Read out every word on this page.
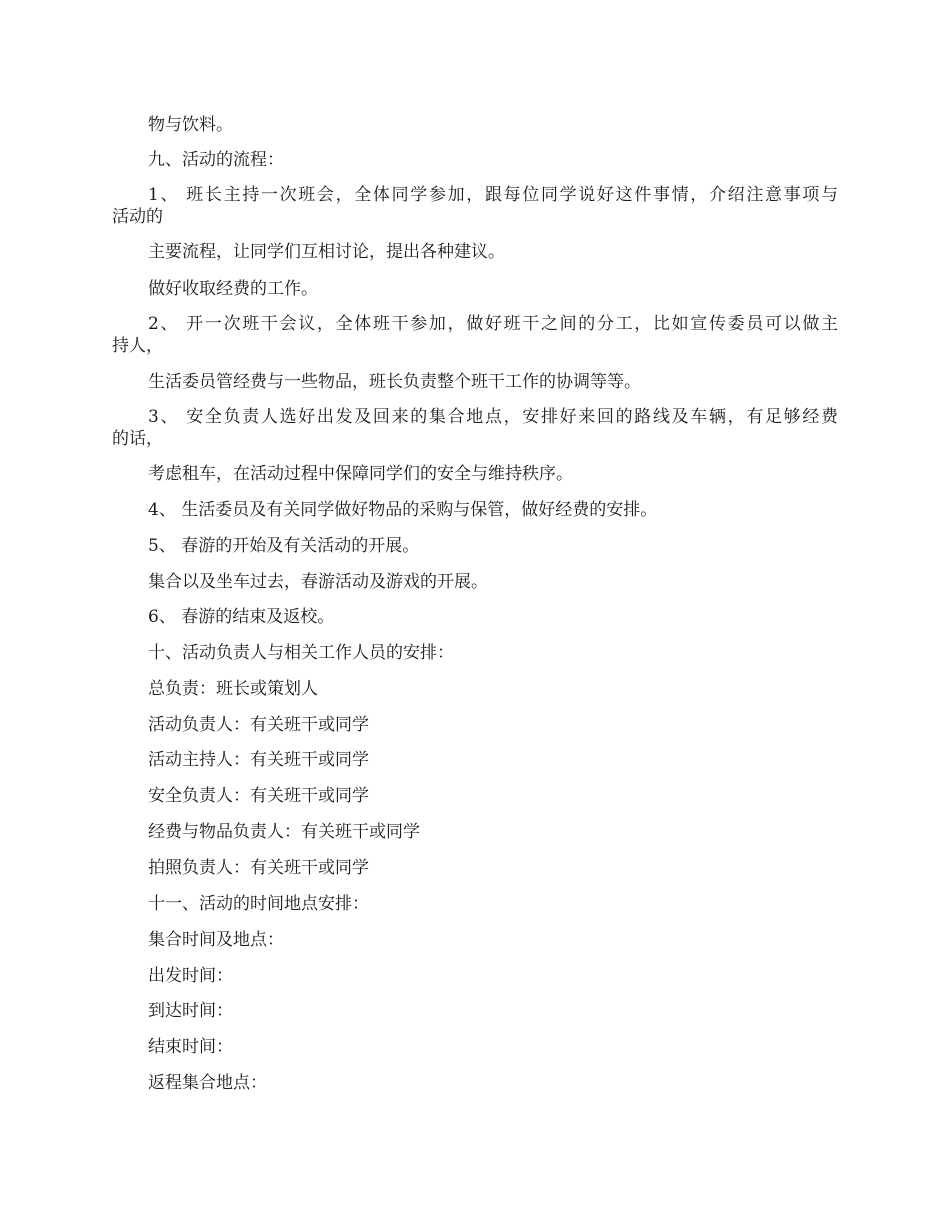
物与饮料。
九、活动的流程：
1、 班长主持一次班会，全体同学参加，跟每位同学说好这件事情，介绍注意事项与
活动的
主要流程，让同学们互相讨论，提出各种建议。
做好收取经费的工作。
2、 开一次班干会议，全体班干参加，做好班干之间的分工，比如宣传委员可以做主
持人，
生活委员管经费与一些物品，班长负责整个班干工作的协调等等。
3、 安全负责人选好出发及回来的集合地点，安排好来回的路线及车辆，有足够经费
的话，
考虑租车，在活动过程中保障同学们的安全与维持秩序。
4、 生活委员及有关同学做好物品的采购与保管，做好经费的安排。
5、 春游的开始及有关活动的开展。
集合以及坐车过去，春游活动及游戏的开展。
6、 春游的结束及返校。
十、活动负责人与相关工作人员的安排：
总负责：班长或策划人
活动负责人：有关班干或同学
活动主持人：有关班干或同学
安全负责人：有关班干或同学
经费与物品负责人：有关班干或同学
拍照负责人：有关班干或同学
十一、活动的时间地点安排：
集合时间及地点：
出发时间：
到达时间：
结束时间：
返程集合地点：
